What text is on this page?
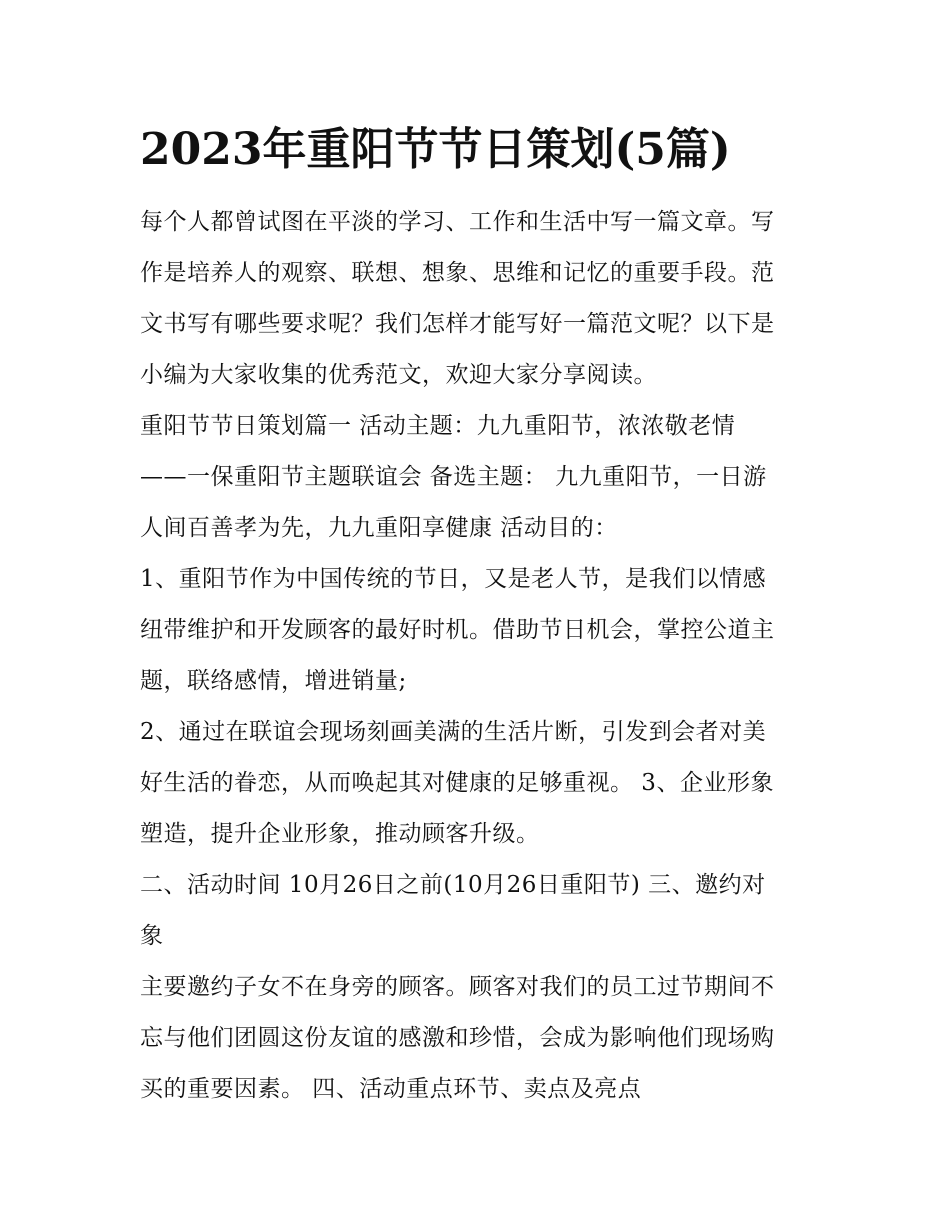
2023年重阳节节日策划(5篇)

每个人都曾试图在平淡的学习、工作和生活中写一篇文章。写

作是培养人的观察、联想、想象、思维和记忆的重要手段。范

文书写有哪些要求呢？我们怎样才能写好一篇范文呢？以下是

小编为大家收集的优秀范文，欢迎大家分享阅读。

重阳节节日策划篇一 活动主题：九九重阳节，浓浓敬老情

——一保重阳节主题联谊会 备选主题： 九九重阳节，一日游

人间百善孝为先，九九重阳享健康 活动目的：

1、重阳节作为中国传统的节日，又是老人节，是我们以情感

纽带维护和开发顾客的最好时机。借助节日机会，掌控公道主

题，联络感情，增进销量;

2、通过在联谊会现场刻画美满的生活片断，引发到会者对美

好生活的眷恋，从而唤起其对健康的足够重视。 3、企业形象

塑造，提升企业形象，推动顾客升级。

二、活动时间 10月26日之前(10月26日重阳节) 三、邀约对

象

主要邀约子女不在身旁的顾客。顾客对我们的员工过节期间不

忘与他们团圆这份友谊的感激和珍惜，会成为影响他们现场购

买的重要因素。 四、活动重点环节、卖点及亮点
